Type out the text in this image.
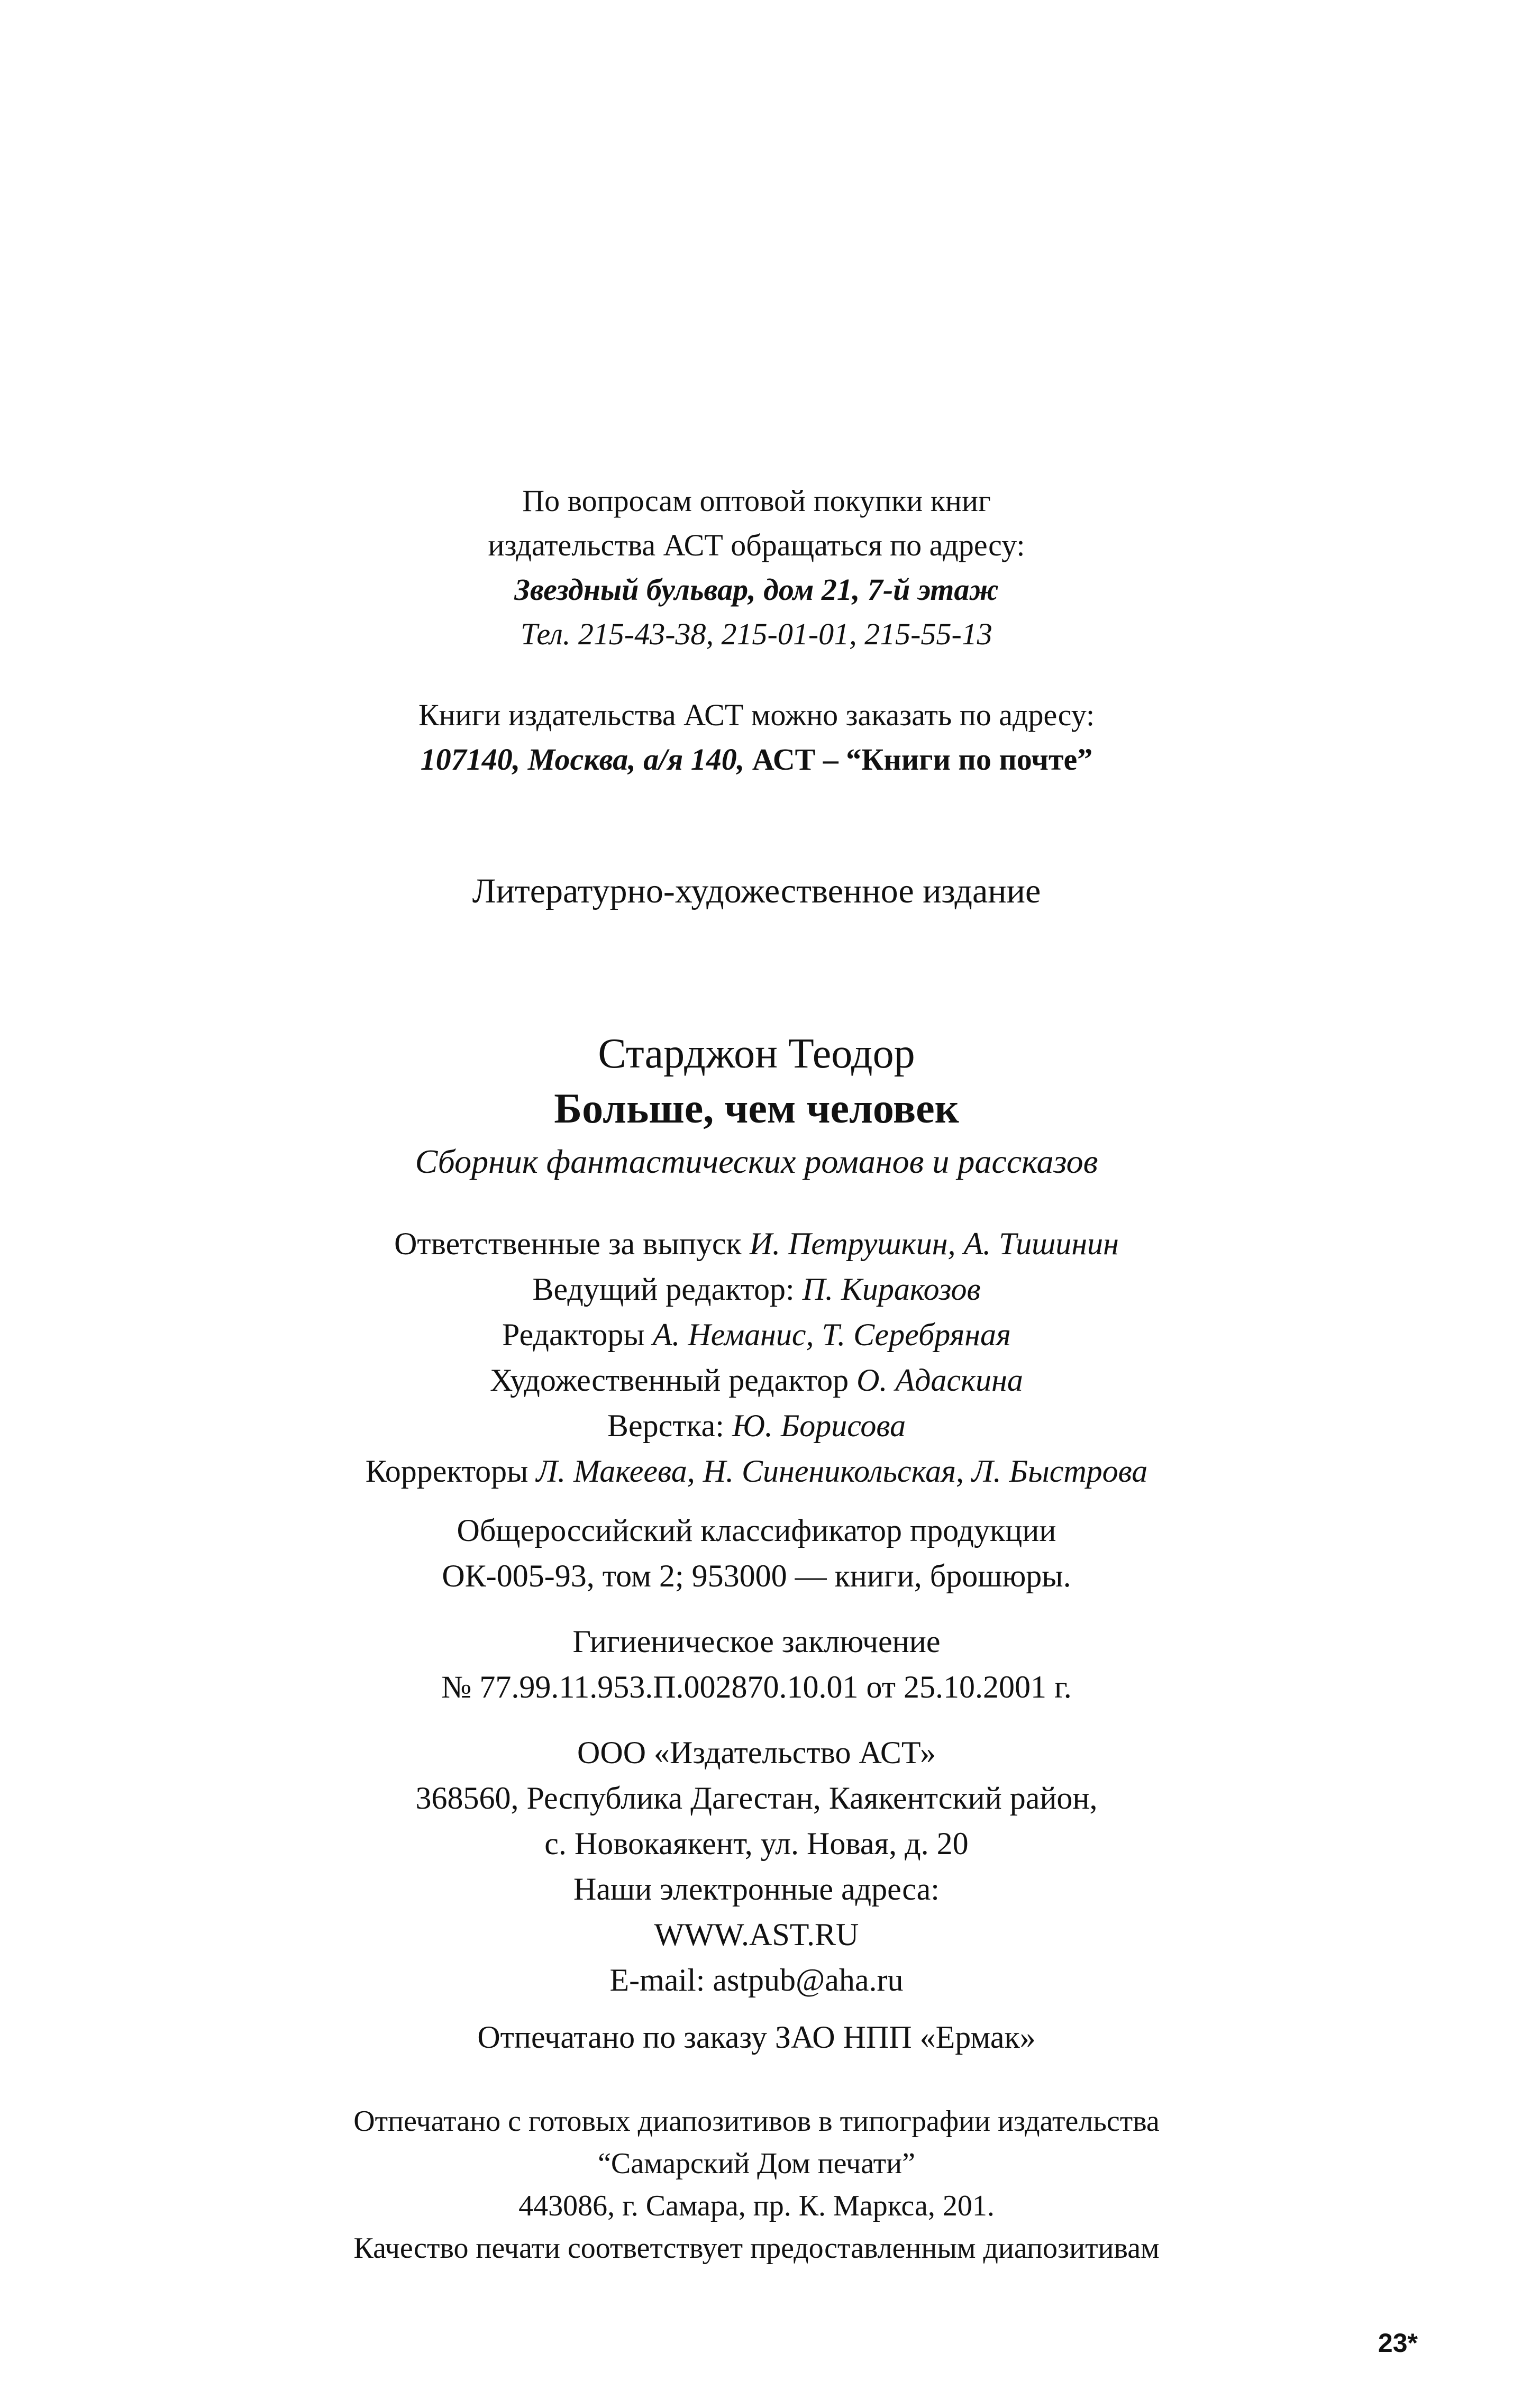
По вопросам оптовой покупки книг
издательства АСТ обращаться по адресу:
Звездный бульвар, дом 21, 7-й этаж
Тел. 215-43-38, 215-01-01, 215-55-13
Книги издательства АСТ можно заказать по адресу:
107140, Москва, а/я 140, АСТ – “Книги по почте”
Литературно-художественное издание
Старджон Теодор
Больше, чем человек
Сборник фантастических романов и рассказов
Ответственные за выпуск И. Петрушкин, А. Тишинин
Ведущий редактор: П. Киракозов
Редакторы А. Неманис, Т. Серебряная
Художественный редактор О. Адаскина
Верстка: Ю. Борисова
Корректоры Л. Макеева, Н. Синеникольская, Л. Быстрова
Общероссийский классификатор продукции
ОК-005-93, том 2; 953000 — книги, брошюры.
Гигиеническое заключение
№ 77.99.11.953.П.002870.10.01 от 25.10.2001 г.
ООО «Издательство АСТ»
368560, Республика Дагестан, Каякентский район,
с. Новокаякент, ул. Новая, д. 20
Наши электронные адреса:
WWW.AST.RU
E-mail: astpub@aha.ru
Отпечатано по заказу ЗАО НПП «Ермак»
Отпечатано с готовых диапозитивов в типографии издательства
“Самарский Дом печати”
443086, г. Самара, пр. К. Маркса, 201.
Качество печати соответствует предоставленным диапозитивам
23*
